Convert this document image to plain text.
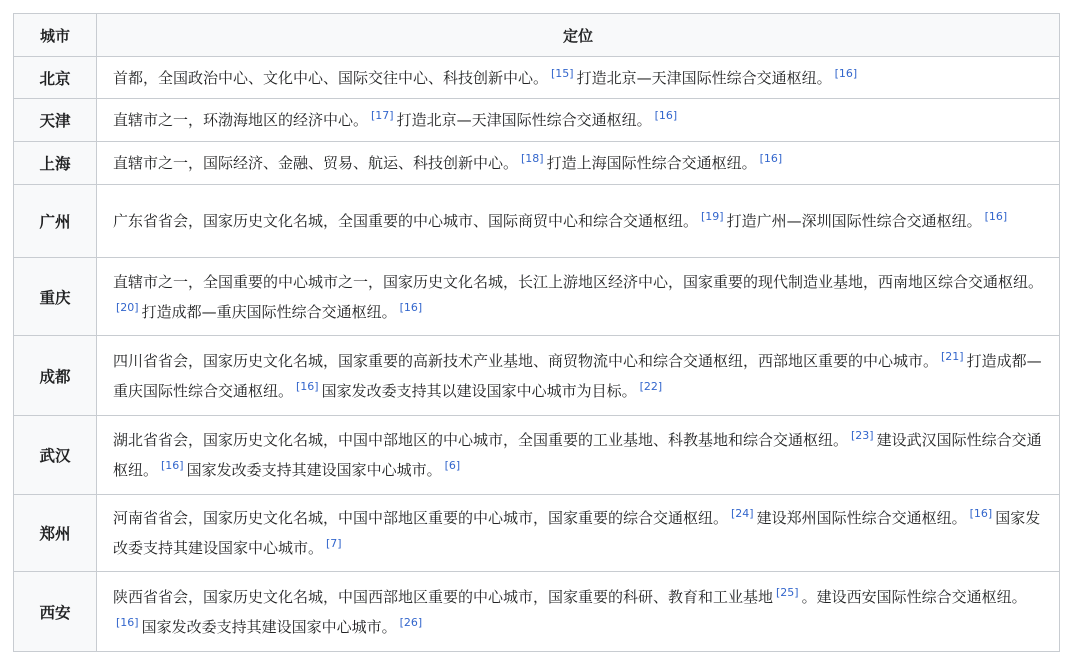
城市	定位
北京	首都，全国政治中心、文化中心、国际交往中心、科技创新中心。 [15] 打造北京—天津国际性综合交通枢纽。 [16]
天津	直辖市之一，环渤海地区的经济中心。 [17] 打造北京—天津国际性综合交通枢纽。 [16]
上海	直辖市之一，国际经济、金融、贸易、航运、科技创新中心。 [18] 打造上海国际性综合交通枢纽。 [16]
广州	广东省省会，国家历史文化名城，全国重要的中心城市、国际商贸中心和综合交通枢纽。 [19] 打造广州—深圳国际性综合交通枢纽。 [16]
重庆	直辖市之一，全国重要的中心城市之一，国家历史文化名城，长江上游地区经济中心，国家重要的现代制造业基地，西南地区综合交通枢纽。[20] 打造成都—重庆国际性综合交通枢纽。 [16]
成都	四川省省会，国家历史文化名城，国家重要的高新技术产业基地、商贸物流中心和综合交通枢纽，西部地区重要的中心城市。 [21] 打造成都—重庆国际性综合交通枢纽。 [16] 国家发改委支持其以建设国家中心城市为目标。 [22]
武汉	湖北省省会，国家历史文化名城，中国中部地区的中心城市，全国重要的工业基地、科教基地和综合交通枢纽。 [23] 建设武汉国际性综合交通枢纽。 [16] 国家发改委支持其建设国家中心城市。 [6]
郑州	河南省省会，国家历史文化名城，中国中部地区重要的中心城市，国家重要的综合交通枢纽。 [24] 建设郑州国际性综合交通枢纽。 [16] 国家发改委支持其建设国家中心城市。 [7]
西安	陕西省省会，国家历史文化名城，中国西部地区重要的中心城市，国家重要的科研、教育和工业基地 [25] 。建设西安国际性综合交通枢纽。[16] 国家发改委支持其建设国家中心城市。 [26]
